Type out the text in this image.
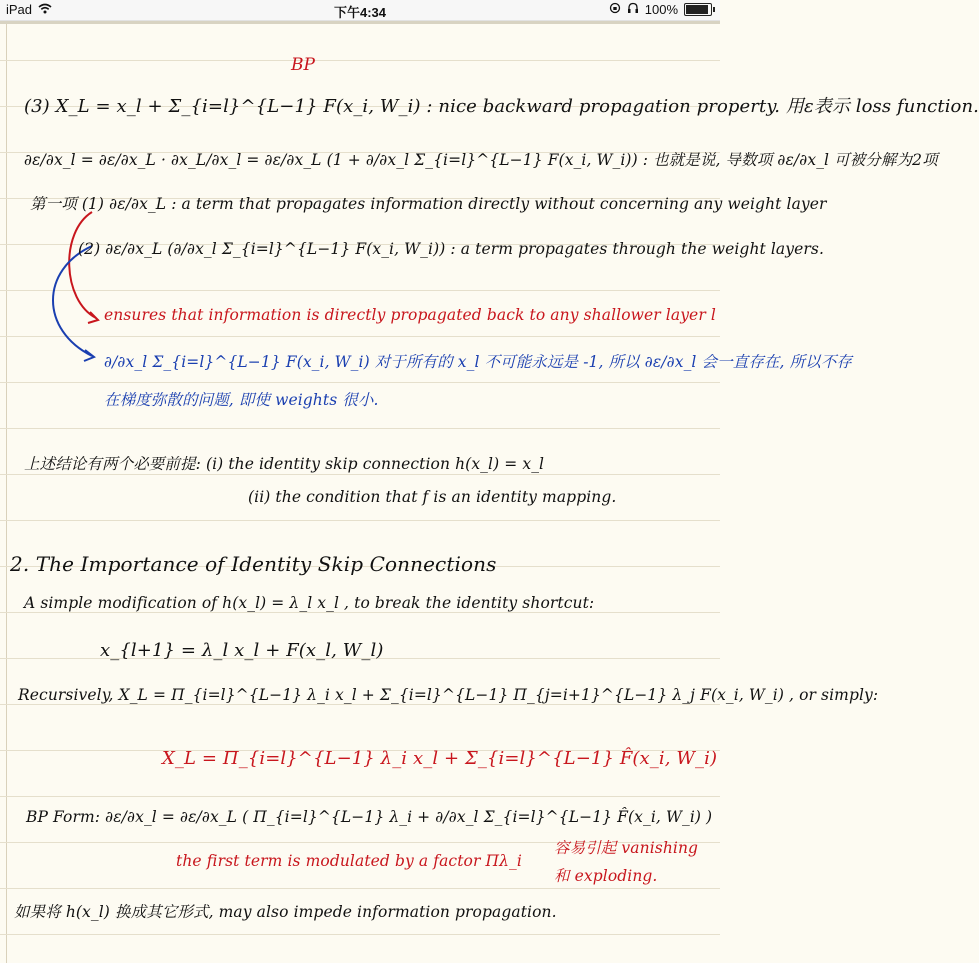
iPad	下午4:34	100%
BP
(3) X_L = x_l + Σ_{i=l}^{L−1} F(x_i, W_i) : nice backward propagation property. 用ε表示 loss function.
∂ε/∂x_l = ∂ε/∂x_L · ∂x_L/∂x_l = ∂ε/∂x_L (1 + ∂/∂x_l Σ_{i=l}^{L−1} F(x_i, W_i)) : 也就是说, 导数项 ∂ε/∂x_l 可被分解为2项
第一项 (1) ∂ε/∂x_L : a term that propagates information directly without concerning any weight layer
(2) ∂ε/∂x_L (∂/∂x_l Σ_{i=l}^{L−1} F(x_i, W_i)) : a term propagates through the weight layers.
ensures that information is directly propagated back to any shallower layer l
∂/∂x_l Σ_{i=l}^{L−1} F(x_i, W_i) 对于所有的 x_l 不可能永远是 -1, 所以 ∂ε/∂x_l 会一直存在, 所以不存
在梯度弥散的问题, 即使 weights 很小.
上述结论有两个必要前提: (i) the identity skip connection h(x_l) = x_l
(ii) the condition that f is an identity mapping.
2. The Importance of Identity Skip Connections
A simple modification of h(x_l) = λ_l x_l , to break the identity shortcut:
x_{l+1} = λ_l x_l + F(x_l, W_l)
Recursively, X_L = Π_{i=l}^{L−1} λ_i x_l + Σ_{i=l}^{L−1} Π_{j=i+1}^{L−1} λ_j F(x_i, W_i) , or simply:
X_L = Π_{i=l}^{L−1} λ_i x_l + Σ_{i=l}^{L−1} F̂(x_i, W_i)
BP Form: ∂ε/∂x_l = ∂ε/∂x_L ( Π_{i=l}^{L−1} λ_i + ∂/∂x_l Σ_{i=l}^{L−1} F̂(x_i, W_i) )
the first term is modulated by a factor Πλ_i
容易引起 vanishing
和 exploding.
如果将 h(x_l) 换成其它形式, may also impede information propagation.
